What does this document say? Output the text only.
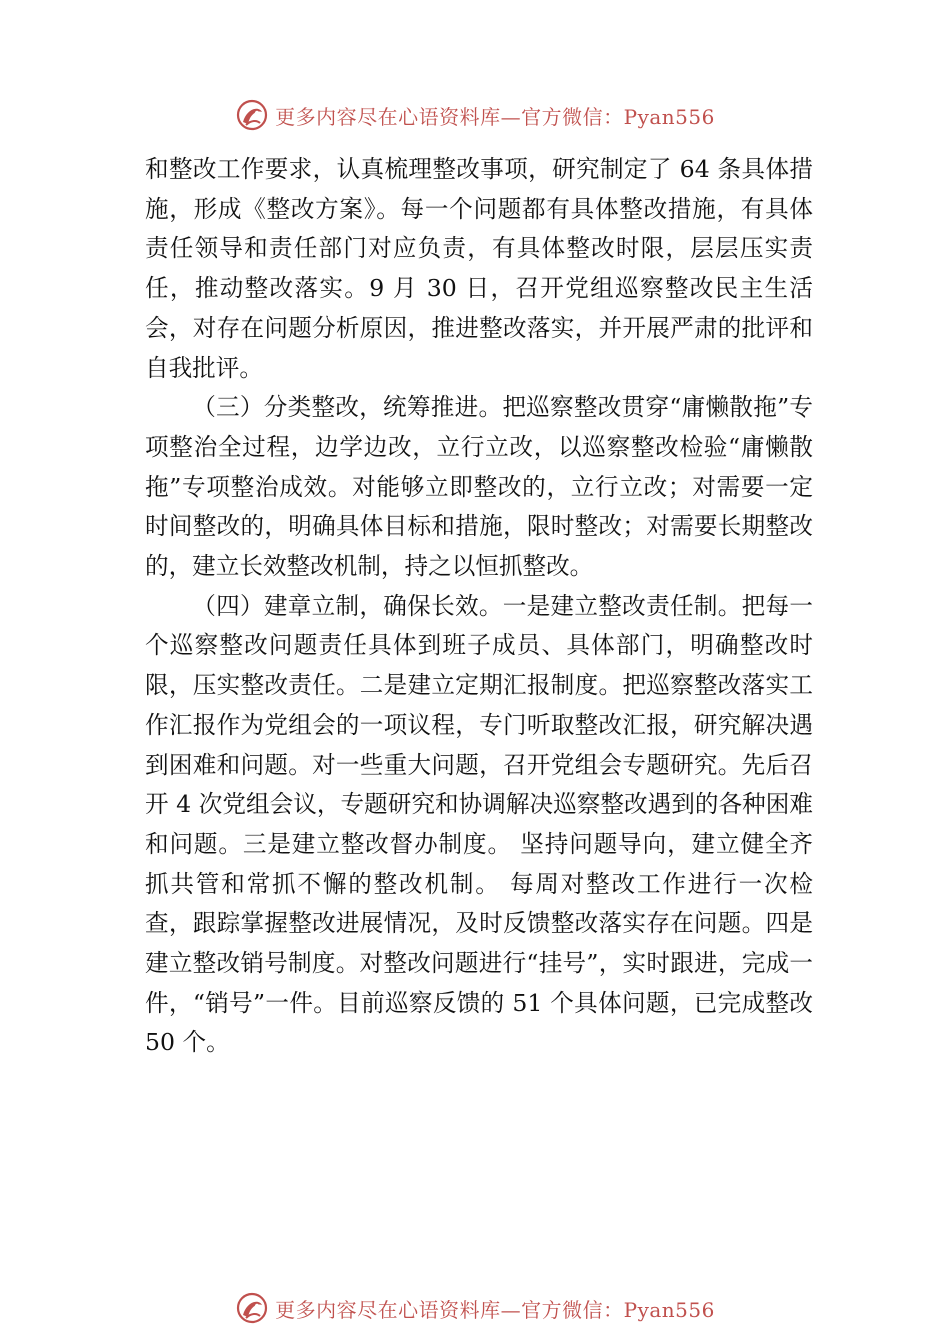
更多内容尽在心语资料库—官方微信：Pyan556

和整改工作要求，认真梳理整改事项，研究制定了 64 条具体措施，形成《整改方案》。每一个问题都有具体整改措施，有具体责任领导和责任部门对应负责，有具体整改时限，层层压实责任，推动整改落实。9 月 30 日，召开党组巡察整改民主生活会，对存在问题分析原因，推进整改落实，并开展严肃的批评和自我批评。

（三）分类整改，统筹推进。把巡察整改贯穿“庸懒散拖”专项整治全过程，边学边改，立行立改，以巡察整改检验“庸懒散拖”专项整治成效。对能够立即整改的，立行立改；对需要一定时间整改的，明确具体目标和措施，限时整改；对需要长期整改的，建立长效整改机制，持之以恒抓整改。

（四）建章立制，确保长效。一是建立整改责任制。把每一个巡察整改问题责任具体到班子成员、具体部门，明确整改时限，压实整改责任。二是建立定期汇报制度。把巡察整改落实工作汇报作为党组会的一项议程，专门听取整改汇报，研究解决遇到困难和问题。对一些重大问题，召开党组会专题研究。先后召开 4 次党组会议，专题研究和协调解决巡察整改遇到的各种困难和问题。三是建立整改督办制度。 坚持问题导向，建立健全齐抓共管和常抓不懈的整改机制。 每周对整改工作进行一次检查，跟踪掌握整改进展情况，及时反馈整改落实存在问题。四是建立整改销号制度。对整改问题进行“挂号”，实时跟进，完成一件，“销号”一件。目前巡察反馈的 51 个具体问题，已完成整改 50 个。

更多内容尽在心语资料库—官方微信：Pyan556
